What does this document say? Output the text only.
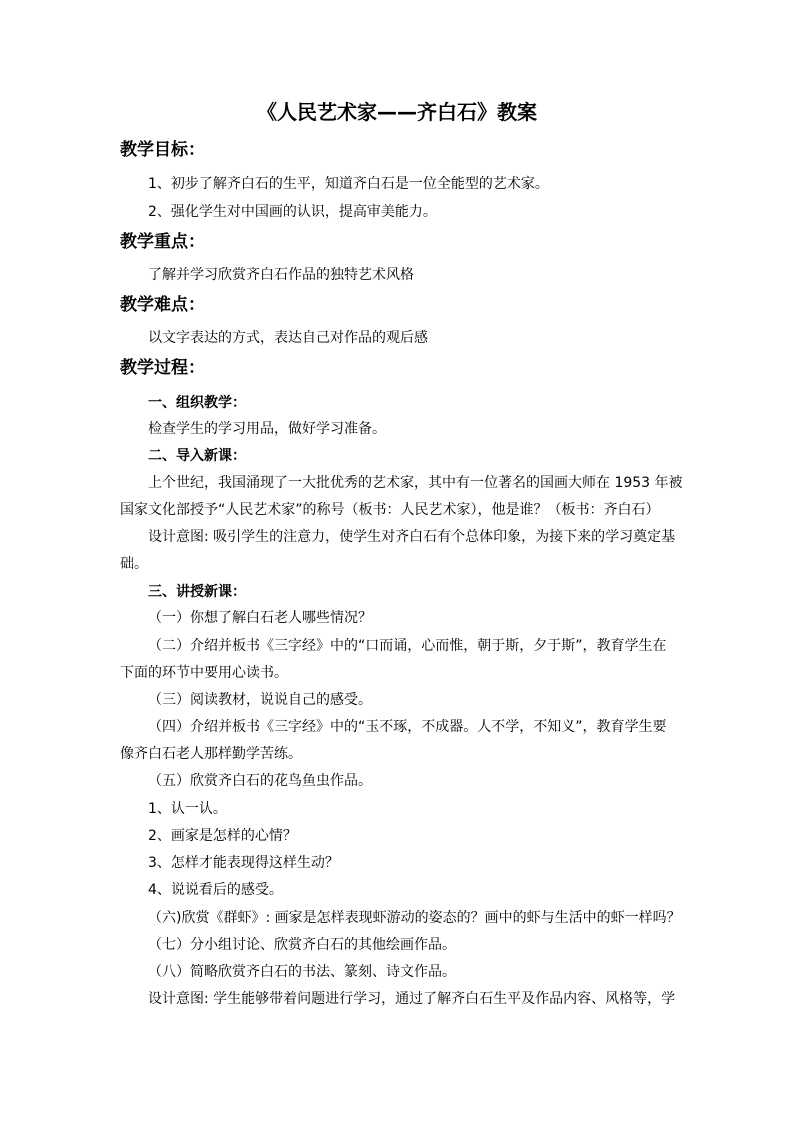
《人民艺术家——齐白石》教案
教学目标：
1、初步了解齐白石的生平，知道齐白石是一位全能型的艺术家。
2、强化学生对中国画的认识，提高审美能力。
教学重点：
了解并学习欣赏齐白石作品的独特艺术风格
教学难点：
以文字表达的方式，表达自己对作品的观后感
教学过程：
一、组织教学：
检查学生的学习用品，做好学习准备。
二、导入新课：
上个世纪，我国涌现了一大批优秀的艺术家，其中有一位著名的国画大师在 1953 年被
国家文化部授予“人民艺术家”的称号（板书：人民艺术家），他是谁？（板书：齐白石）
设计意图: 吸引学生的注意力，使学生对齐白石有个总体印象，为接下来的学习奠定基
础。
三、讲授新课：
（一）你想了解白石老人哪些情况？
（二）介绍并板书《三字经》中的“口而诵，心而惟，朝于斯，夕于斯”，教育学生在
下面的环节中要用心读书。
（三）阅读教材，说说自己的感受。
（四）介绍并板书《三字经》中的“玉不琢，不成器。人不学，不知义”，教育学生要
像齐白石老人那样勤学苦练。
（五）欣赏齐白石的花鸟鱼虫作品。
1、认一认。
2、画家是怎样的心情？
3、怎样才能表现得这样生动？
4、说说看后的感受。
（六)欣赏《群虾》: 画家是怎样表现虾游动的姿态的？画中的虾与生活中的虾一样吗？
（七）分小组讨论、欣赏齐白石的其他绘画作品。
（八）简略欣赏齐白石的书法、篆刻、诗文作品。
设计意图: 学生能够带着问题进行学习，通过了解齐白石生平及作品内容、风格等，学
